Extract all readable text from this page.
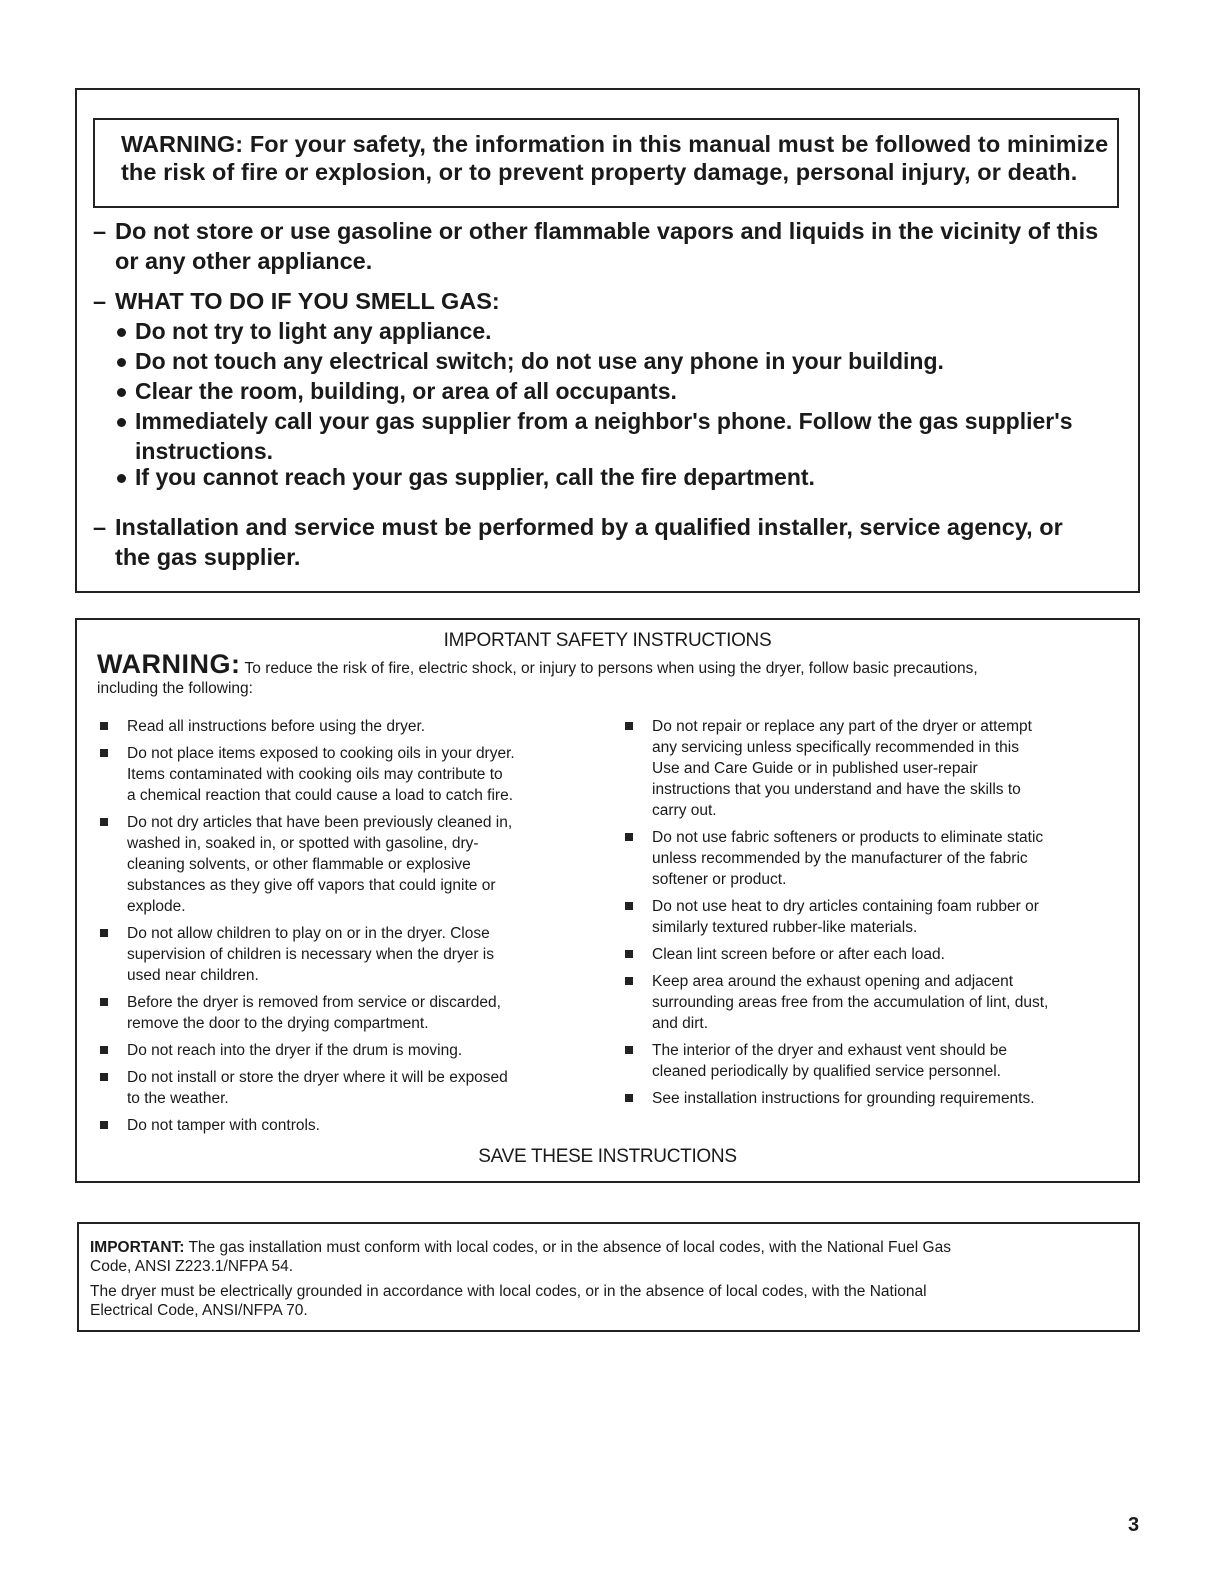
WARNING: For your safety, the information in this manual must be followed to minimize
the risk of fire or explosion, or to prevent property damage, personal injury, or death.
– Do not store or use gasoline or other flammable vapors and liquids in the vicinity of this
or any other appliance.
– WHAT TO DO IF YOU SMELL GAS:
Do not try to light any appliance.
Do not touch any electrical switch; do not use any phone in your building.
Clear the room, building, or area of all occupants.
Immediately call your gas supplier from a neighbor's phone. Follow the gas supplier's
instructions.
If you cannot reach your gas supplier, call the fire department.
– Installation and service must be performed by a qualified installer, service agency, or
the gas supplier.
IMPORTANT SAFETY INSTRUCTIONS
WARNING: To reduce the risk of fire, electric shock, or injury to persons when using the dryer, follow basic precautions,
including the following:
Read all instructions before using the dryer.
Do not place items exposed to cooking oils in your dryer.
Items contaminated with cooking oils may contribute to
a chemical reaction that could cause a load to catch fire.
Do not dry articles that have been previously cleaned in,
washed in, soaked in, or spotted with gasoline, dry-
cleaning solvents, or other flammable or explosive
substances as they give off vapors that could ignite or
explode.
Do not allow children to play on or in the dryer. Close
supervision of children is necessary when the dryer is
used near children.
Before the dryer is removed from service or discarded,
remove the door to the drying compartment.
Do not reach into the dryer if the drum is moving.
Do not install or store the dryer where it will be exposed
to the weather.
Do not tamper with controls.
Do not repair or replace any part of the dryer or attempt
any servicing unless specifically recommended in this
Use and Care Guide or in published user-repair
instructions that you understand and have the skills to
carry out.
Do not use fabric softeners or products to eliminate static
unless recommended by the manufacturer of the fabric
softener or product.
Do not use heat to dry articles containing foam rubber or
similarly textured rubber-like materials.
Clean lint screen before or after each load.
Keep area around the exhaust opening and adjacent
surrounding areas free from the accumulation of lint, dust,
and dirt.
The interior of the dryer and exhaust vent should be
cleaned periodically by qualified service personnel.
See installation instructions for grounding requirements.
SAVE THESE INSTRUCTIONS
IMPORTANT: The gas installation must conform with local codes, or in the absence of local codes, with the National Fuel Gas
Code, ANSI Z223.1/NFPA 54.
The dryer must be electrically grounded in accordance with local codes, or in the absence of local codes, with the National
Electrical Code, ANSI/NFPA 70.
3
